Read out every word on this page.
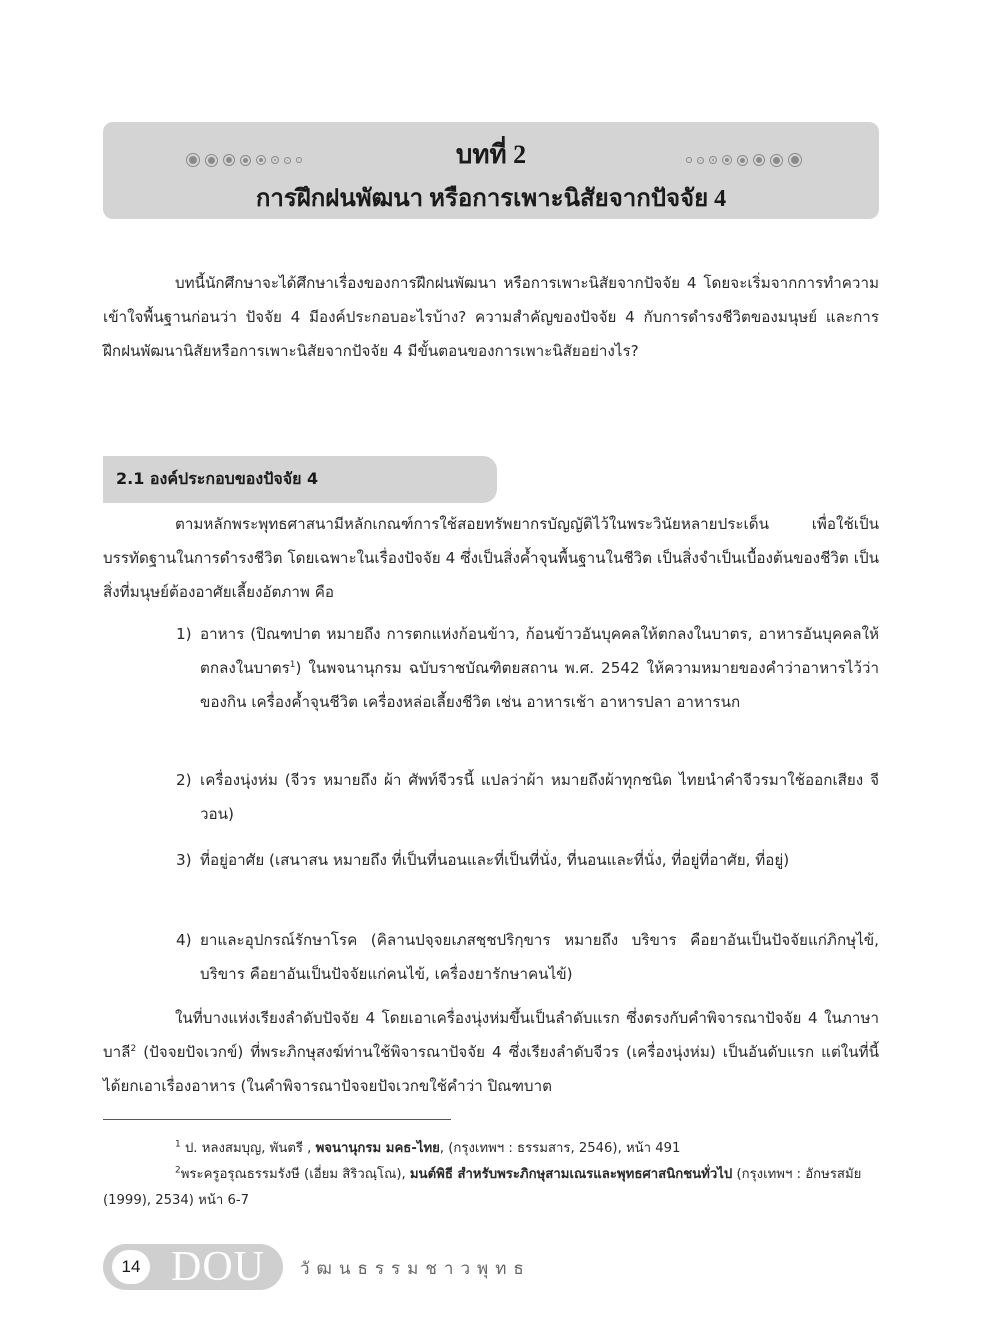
บทที่ 2
การฝึกฝนพัฒนา หรือการเพาะนิสัยจากปัจจัย 4
บทนี้นักศึกษาจะได้ศึกษาเรื่องของการฝึกฝนพัฒนา หรือการเพาะนิสัยจากปัจจัย 4 โดยจะเริ่มจากการทำความเข้าใจพื้นฐานก่อนว่า ปัจจัย 4 มีองค์ประกอบอะไรบ้าง? ความสำคัญของปัจจัย 4 กับการดำรงชีวิตของมนุษย์ และการฝึกฝนพัฒนานิสัยหรือการเพาะนิสัยจากปัจจัย 4 มีขั้นตอนของการเพาะนิสัยอย่างไร?
2.1 องค์ประกอบของปัจจัย 4
ตามหลักพระพุทธศาสนามีหลักเกณฑ์การใช้สอยทรัพยากรบัญญัติไว้ในพระวินัยหลายประเด็น เพื่อใช้เป็นบรรทัดฐานในการดำรงชีวิต โดยเฉพาะในเรื่องปัจจัย 4 ซึ่งเป็นสิ่งค้ำจุนพื้นฐานในชีวิต เป็นสิ่งจำเป็นเบื้องต้นของชีวิต เป็นสิ่งที่มนุษย์ต้องอาศัยเลี้ยงอัตภาพ คือ
1) อาหาร (ปิณฑปาต หมายถึง การตกแห่งก้อนข้าว, ก้อนข้าวอันบุคคลให้ตกลงในบาตร, อาหารอันบุคคลให้ตกลงในบาตร$^1$) ในพจนานุกรม ฉบับราชบัณฑิตยสถาน พ.ศ. 2542 ให้ความหมายของคำว่าอาหารไว้ว่า ของกิน เครื่องค้ำจุนชีวิต เครื่องหล่อเลี้ยงชีวิต เช่น อาหารเช้า อาหารปลา อาหารนก
2) เครื่องนุ่งห่ม (จีวร หมายถึง ผ้า ศัพท์จีวรนี้ แปลว่าผ้า หมายถึงผ้าทุกชนิด ไทยนำคำจีวรมาใช้ออกเสียง จีวอน)
3) ที่อยู่อาศัย (เสนาสน หมายถึง ที่เป็นที่นอนและที่เป็นที่นั่ง, ที่นอนและที่นั่ง, ที่อยู่ที่อาศัย, ที่อยู่)
4) ยาและอุปกรณ์รักษาโรค (คิลานปจฺจยเภสชฺชปริกฺขาร หมายถึง บริขาร คือยาอันเป็นปัจจัยแก่ภิกษุไข้, บริขาร คือยาอันเป็นปัจจัยแก่คนไข้, เครื่องยารักษาคนไข้)
ในที่บางแห่งเรียงลำดับปัจจัย 4 โดยเอาเครื่องนุ่งห่มขึ้นเป็นลำดับแรก ซึ่งตรงกับคำพิจารณาปัจจัย 4 ในภาษาบาลี$^2$ (ปัจจยปัจเวกข์) ที่พระภิกษุสงฆ์ท่านใช้พิจารณาปัจจัย 4 ซึ่งเรียงลำดับจีวร (เครื่องนุ่งห่ม) เป็นอันดับแรก แต่ในที่นี้ได้ยกเอาเรื่องอาหาร (ในคำพิจารณาปัจจยปัจเวกขใช้คำว่า ปิณฑบาต
$^1$ ป. หลงสมบุญ, พันตรี , พจนานุกรม มคธ-ไทย, (กรุงเทพฯ : ธรรมสาร, 2546), หน้า 491
$^2$พระครูอรุณธรรมรังษี (เอี่ยม สิริวณฺโณ), มนต์พิธี สำหรับพระภิกษุสามเณรและพุทธศาสนิกชนทั่วไป (กรุงเทพฯ : อักษรสมัย (1999), 2534) หน้า 6-7
14 DOU วัฒนธรรมชาวพุทธ
